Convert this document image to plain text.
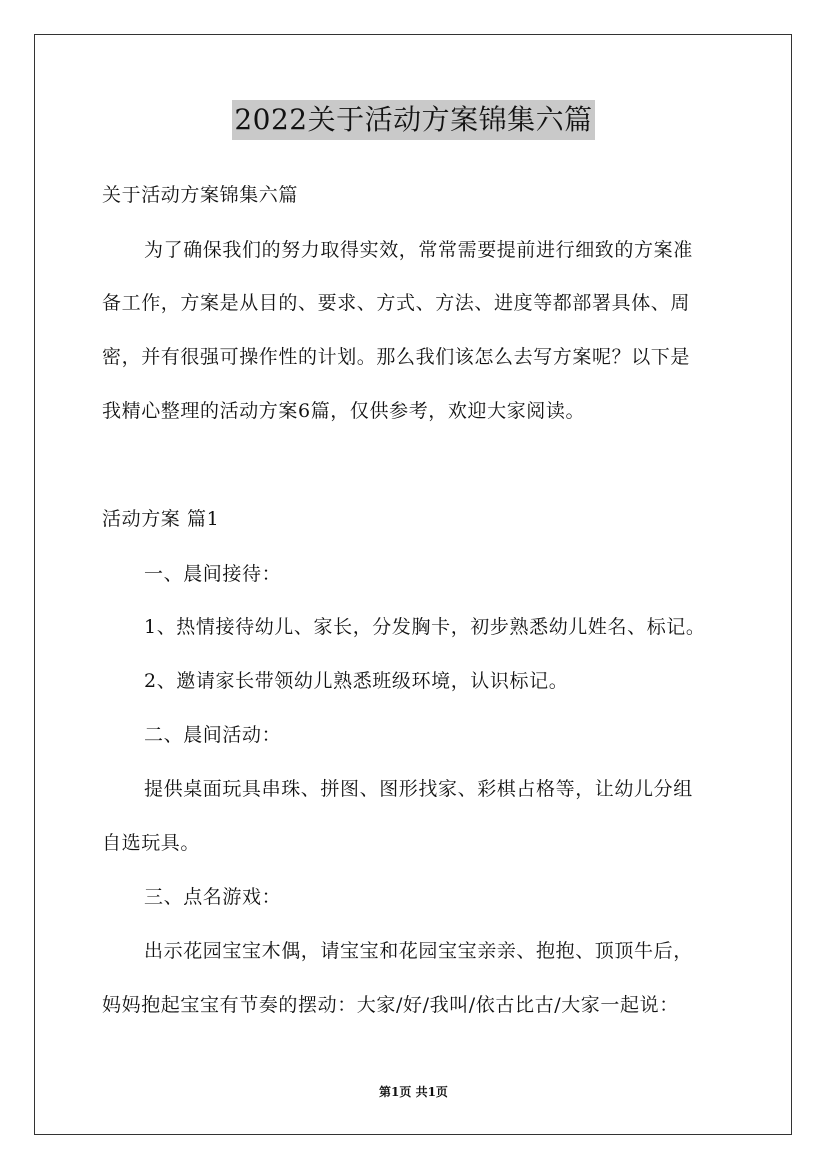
2022关于活动方案锦集六篇
关于活动方案锦集六篇
为了确保我们的努力取得实效，常常需要提前进行细致的方案准
备工作，方案是从目的、要求、方式、方法、进度等都部署具体、周
密，并有很强可操作性的计划。那么我们该怎么去写方案呢？以下是
我精心整理的活动方案6篇，仅供参考，欢迎大家阅读。
活动方案 篇1
一、晨间接待：
1、热情接待幼儿、家长，分发胸卡，初步熟悉幼儿姓名、标记。
2、邀请家长带领幼儿熟悉班级环境，认识标记。
二、晨间活动：
提供桌面玩具串珠、拼图、图形找家、彩棋占格等，让幼儿分组
自选玩具。
三、点名游戏：
出示花园宝宝木偶，请宝宝和花园宝宝亲亲、抱抱、顶顶牛后，
妈妈抱起宝宝有节奏的摆动：大家/好/我叫/依古比古/大家一起说：
第1页 共1页
